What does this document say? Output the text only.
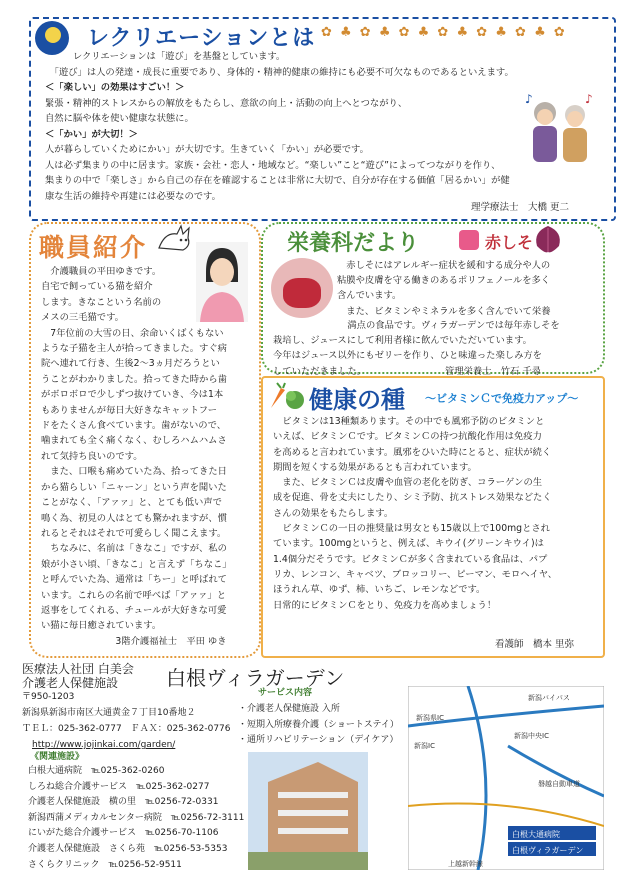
レクリエーションとは ✿ ♣ ✿ ♣ ✿ ♣ ✿ ♣ ✿ ♣ ✿ ♣ ✿

　　　レクリエーションは「遊び」を基盤としています。

　「遊び」は人の発達・成長に重要であり、身体的・精神的健康の維持にも必要不可欠なものであるといえます。

＜「楽しい」の効果はすごい！＞

緊張・精神的ストレスからの解放をもたらし、意欲の向上・活動の向上へとつながり、

自然に脳や体を使い健康な状態に。

＜「かい」が大切！＞

人が暮らしていくためにかい」が大切です。生きていく「かい」が必要です。

人は必ず集まりの中に居ます。家族・会社・恋人・地域など。“楽しい”こと“遊び”によってつながりを作り、

集まりの中で「楽しさ」から自己の存在を確認することは非常に大切で、自分が存在する価値「居るかい」が健

康な生活の維持や再建には必要なのです。

♪	♪
理学療法士　大橋 更二
職員紹介

　介護職員の平田ゆきです。

自宅で飼っている猫を紹介

します。きなこという名前の

メスの三毛猫です。

　7年位前の大雪の日、余命いくばくもない

ような子猫を主人が拾ってきました。すぐ病

院へ連れて行き、生後2～3ヵ月だろうとい

うことがわかりました。拾ってきた時から歯

がボロボロで少しずつ抜けていき、今は1本

もありませんが毎日大好きなキャットフー

ドをたくさん食べています。歯がないので、

噛まれても全く痛くなく、むしろハムハムさ

れて気持ち良いのです。

　また、口喉も痛めていた為、拾ってきた日

から猫らしい「ニャーン」という声を聞いた

ことがなく、「アァァ」と、とても低い声で

鳴く為、初見の人はとても驚かれますが、慣

れるとそれはそれで可愛らしく聞こえます。

　ちなみに、名前は「きなこ」ですが、私の

娘が小さい頃、「きなこ」と言えず「ちなこ」

と呼んでいた為、通常は「ちー」と呼ばれて

います。これらの名前で呼べば「アァァ」と

返事をしてくれる、チュールが大好きな可愛

い猫に毎日癒されています。

　　　　　　　　3階介護福祉士　平田 ゆき

栄養科だより	赤しそ

　赤しそにはアレルギー症状を緩和する成分や人の

粘膜や皮膚を守る働きのあるポリフェノールを多く

含んでいます。

　また、ビタミンやミネラルを多く含んでいて栄養

　　　　　　　　満点の食品です。ヴィラガーデンでは毎年赤しそを

栽培し、ジュースにして利用者様に飲んでいただいています。

今年はジュース以外にもゼリーを作り、ひと味違った楽しみ方を

していただきました。　　　　　　　　　管理栄養士　竹石 千尋

健康の種 ～ビタミンＣで免疫力アップ～

　ビタミンは13種類あります。その中でも風邪予防のビタミンと

いえば、ビタミンＣです。ビタミンＣの持つ抗酸化作用は免疫力

を高めると言われています。風邪をひいた時にとると、症状が続く

期間を短くする効果があるとも言われています。

　また、ビタミンＣは皮膚や血管の老化を防ぎ、コラーゲンの生

成を促進、骨を丈夫にしたり、シミ予防、抗ストレス効果などたく

さんの効果をもたらします。

　ビタミンＣの一日の推奨量は男女とも15歳以上で100mgとされ

ています。100mgというと、例えば、キウイ(グリーンキウイ)は

1.4個分だそうです。ビタミンＣが多く含まれている食品は、パプ

リカ、レンコン、キャベツ、ブロッコリー、ピーマン、モロヘイヤ、

ほうれん草、ゆず、柿、いちご、レモンなどです。

日常的にビタミンＣをとり、免疫力を高めましょう！

看護師　橋本 里弥
医療法人社団 白美会
介護老人保健施設 白根ヴィラガーデン
〒950-1203
新潟県新潟市南区大通黄金７丁目10番地２
ＴＥＬ：025-362-0777　ＦＡＸ：025-362-0776
http://www.jojinkai.com/garden/
《関連施設》

白根大通病院　℡025-362-0260

しろね総合介護サービス　℡025-362-0277

介護老人保健施設　横の里　℡0256-72-0331

新潟西蒲メディカルセンター病院　℡0256-72-3111

にいがた総合介護サービス　℡0256-70-1106

介護老人保健施設　さくら苑　℡0256-53-5353

さくらクリニック　℡0256-52-9511

サービス内容

・介護老人保健施設 入所

・短期入所療養介護（ショートステイ）

・通所リハビリテーション（デイケア）

白根大通病院
白根ヴィラガーデン
新潟県IC
新潟IC
新潟中央IC
新潟バイパス
磐越自動車道
上越新幹線
